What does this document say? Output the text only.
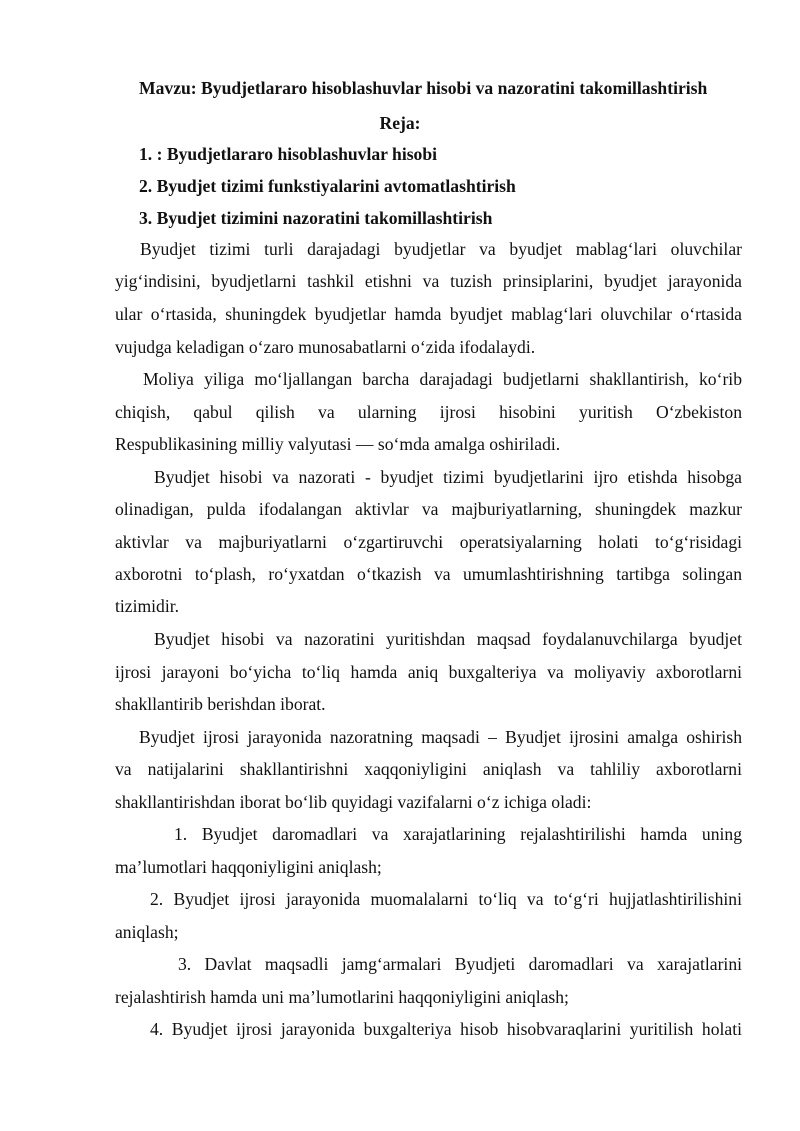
Mavzu: Byudjetlararo hisoblashuvlar hisobi va nazoratini takomillashtirish
Reja:
1. : Byudjetlararo hisoblashuvlar hisobi
2. Byudjet tizimi funkstiyalarini avtomatlashtirish
3. Byudjet tizimini nazoratini takomillashtirish
Byudjet tizimi turli darajadagi byudjetlar va byudjet mablag‘lari oluvchilar
yig‘indisini, byudjetlarni tashkil etishni va tuzish prinsiplarini, byudjet jarayonida
ular o‘rtasida, shuningdek byudjetlar hamda byudjet mablag‘lari oluvchilar o‘rtasida
vujudga keladigan o‘zaro munosabatlarni o‘zida ifodalaydi.
Moliya yiliga mo‘ljallangan barcha darajadagi budjetlarni shakllantirish, ko‘rib
chiqish, qabul qilish va ularning ijrosi hisobini yuritish O‘zbekiston
Respublikasining milliy valyutasi — so‘mda amalga oshiriladi.
Byudjet hisobi va nazorati - byudjet tizimi byudjetlarini ijro etishda hisobga
olinadigan, pulda ifodalangan aktivlar va majburiyatlarning, shuningdek mazkur
aktivlar va majburiyatlarni o‘zgartiruvchi operatsiyalarning holati to‘g‘risidagi
axborotni to‘plash, ro‘yxatdan o‘tkazish va umumlashtirishning tartibga solingan
tizimidir.
Byudjet hisobi va nazoratini yuritishdan maqsad foydalanuvchilarga byudjet
ijrosi jarayoni bo‘yicha to‘liq hamda aniq buxgalteriya va moliyaviy axborotlarni
shakllantirib berishdan iborat.
Byudjet ijrosi jarayonida nazoratning maqsadi – Byudjet ijrosini amalga oshirish
va natijalarini shakllantirishni xaqqoniyligini aniqlash va tahliliy axborotlarni
shakllantirishdan iborat bo‘lib quyidagi vazifalarni o‘z ichiga oladi:
1. Byudjet daromadlari va xarajatlarining rejalashtirilishi hamda uning
ma’lumotlari haqqoniyligini aniqlash;
2. Byudjet ijrosi jarayonida muomalalarni to‘liq va to‘g‘ri hujjatlashtirilishini
aniqlash;
3. Davlat maqsadli jamg‘armalari Byudjeti daromadlari va xarajatlarini
rejalashtirish hamda uni ma’lumotlarini haqqoniyligini aniqlash;
4. Byudjet ijrosi jarayonida buxgalteriya hisob hisobvaraqlarini yuritilish holati
